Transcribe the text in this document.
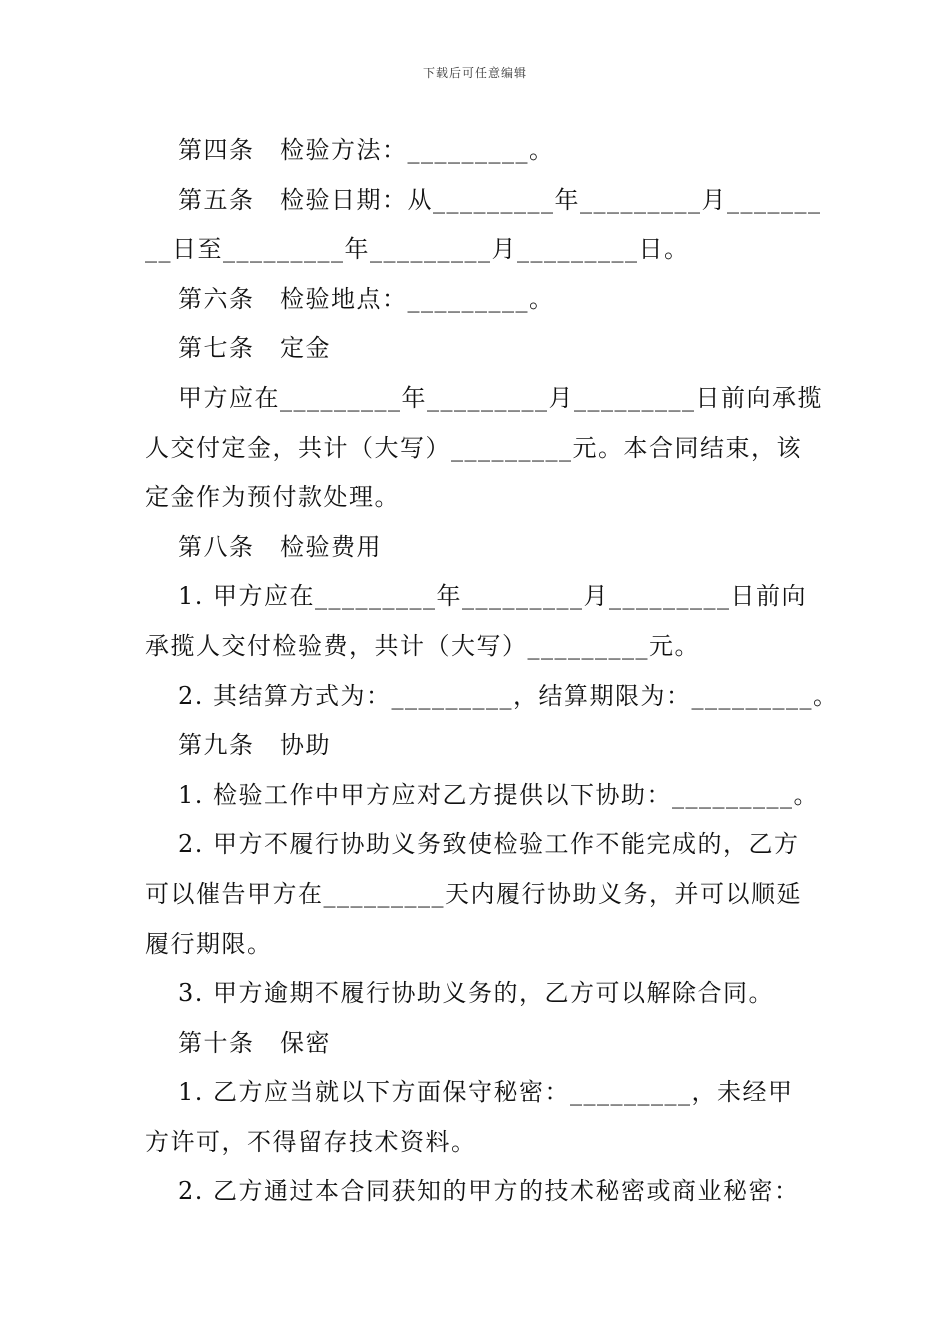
下载后可任意编辑
第四条　检验方法：_________。
第五条　检验日期：从_________年_________月_______
__日至_________年_________月_________日。
第六条　检验地点：_________。
第七条　定金
甲方应在_________年_________月_________日前向承揽
人交付定金，共计（大写）_________元。本合同结束，该
定金作为预付款处理。
第八条　检验费用
1. 甲方应在_________年_________月_________日前向
承揽人交付检验费，共计（大写）_________元。
2. 其结算方式为：_________，结算期限为：_________。
第九条　协助
1. 检验工作中甲方应对乙方提供以下协助：_________。
2. 甲方不履行协助义务致使检验工作不能完成的，乙方
可以催告甲方在_________天内履行协助义务，并可以顺延
履行期限。
3. 甲方逾期不履行协助义务的，乙方可以解除合同。
第十条　保密
1. 乙方应当就以下方面保守秘密：_________，未经甲
方许可，不得留存技术资料。
2. 乙方通过本合同获知的甲方的技术秘密或商业秘密：
